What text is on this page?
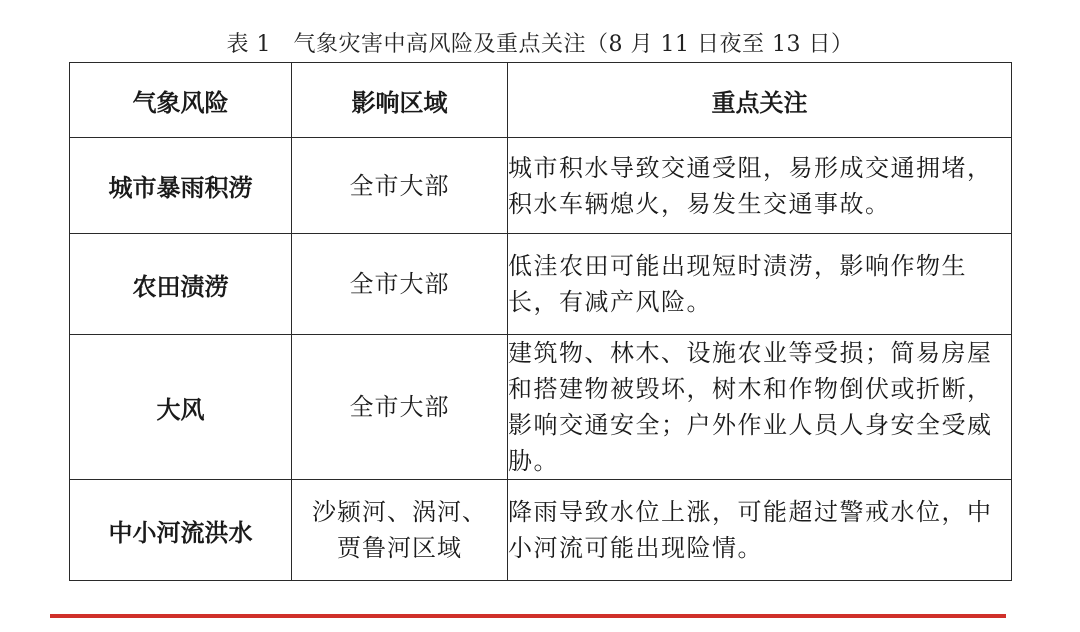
表 1　气象灾害中高风险及重点关注（8 月 11 日夜至 13 日）
气象风险	影响区域	重点关注
城市暴雨积涝	全市大部	城市积水导致交通受阻，易形成交通拥堵，积水车辆熄火，易发生交通事故。
农田渍涝	全市大部	低洼农田可能出现短时渍涝，影响作物生长，有减产风险。
大风	全市大部	建筑物、林木、设施农业等受损；简易房屋和搭建物被毁坏，树木和作物倒伏或折断，影响交通安全；户外作业人员人身安全受威胁。
中小河流洪水	沙颍河、涡河、贾鲁河区域	降雨导致水位上涨，可能超过警戒水位，中小河流可能出现险情。
